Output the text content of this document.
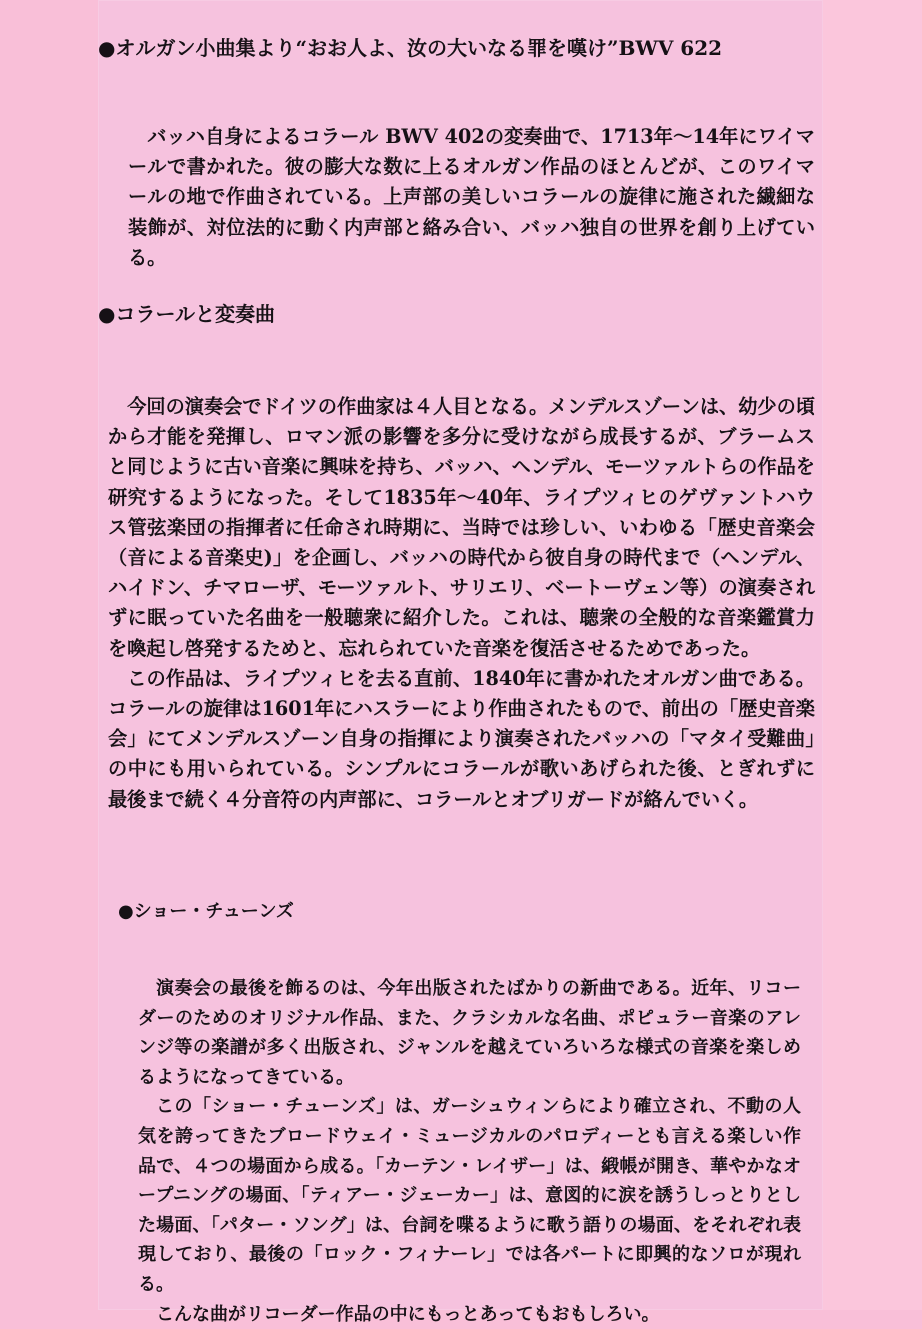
●オルガン小曲集より“おお人よ、汝の大いなる罪を嘆け”BWV 622

バッハ自身によるコラール BWV 402の変奏曲で、1713年〜14年にワイマールで書かれた。彼の膨大な数に上るオルガン作品のほとんどが、このワイマールの地で作曲されている。上声部の美しいコラールの旋律に施された繊細な装飾が、対位法的に動く内声部と絡み合い、バッハ独自の世界を創り上げている。

●コラールと変奏曲

今回の演奏会でドイツの作曲家は４人目となる。メンデルスゾーンは、幼少の頃から才能を発揮し、ロマン派の影響を多分に受けながら成長するが、ブラームスと同じように古い音楽に興味を持ち、バッハ、ヘンデル、モーツァルトらの作品を研究するようになった。そして1835年〜40年、ライプツィヒのゲヴァントハウス管弦楽団の指揮者に任命され時期に、当時では珍しい、いわゆる「歴史音楽会（音による音楽史)」を企画し、バッハの時代から彼自身の時代まで（ヘンデル、ハイドン、チマローザ、モーツァルト、サリエリ、ベートーヴェン等）の演奏されずに眠っていた名曲を一般聴衆に紹介した。これは、聴衆の全般的な音楽鑑賞力を喚起し啓発するためと、忘れられていた音楽を復活させるためであった。

この作品は、ライプツィヒを去る直前、1840年に書かれたオルガン曲である。コラールの旋律は1601年にハスラーにより作曲されたもので、前出の「歴史音楽会」にてメンデルスゾーン自身の指揮により演奏されたバッハの「マタイ受難曲」の中にも用いられている。シンプルにコラールが歌いあげられた後、とぎれずに最後まで続く４分音符の内声部に、コラールとオブリガードが絡んでいく。

●ショー・チューンズ

演奏会の最後を飾るのは、今年出版されたばかりの新曲である。近年、リコーダーのためのオリジナル作品、また、クラシカルな名曲、ポピュラー音楽のアレンジ等の楽譜が多く出版され、ジャンルを越えていろいろな様式の音楽を楽しめるようになってきている。

この「ショー・チューンズ」は、ガーシュウィンらにより確立され、不動の人気を誇ってきたブロードウェイ・ミュージカルのパロディーとも言える楽しい作品で、４つの場面から成る。「カーテン・レイザー」は、緞帳が開き、華やかなオープニングの場面、「ティアー・ジェーカー」は、意図的に涙を誘うしっとりとした場面、「パター・ソング」は、台詞を喋るように歌う語りの場面、をそれぞれ表現しており、最後の「ロック・フィナーレ」では各パートに即興的なソロが現れる。

こんな曲がリコーダー作品の中にもっとあってもおもしろい。
